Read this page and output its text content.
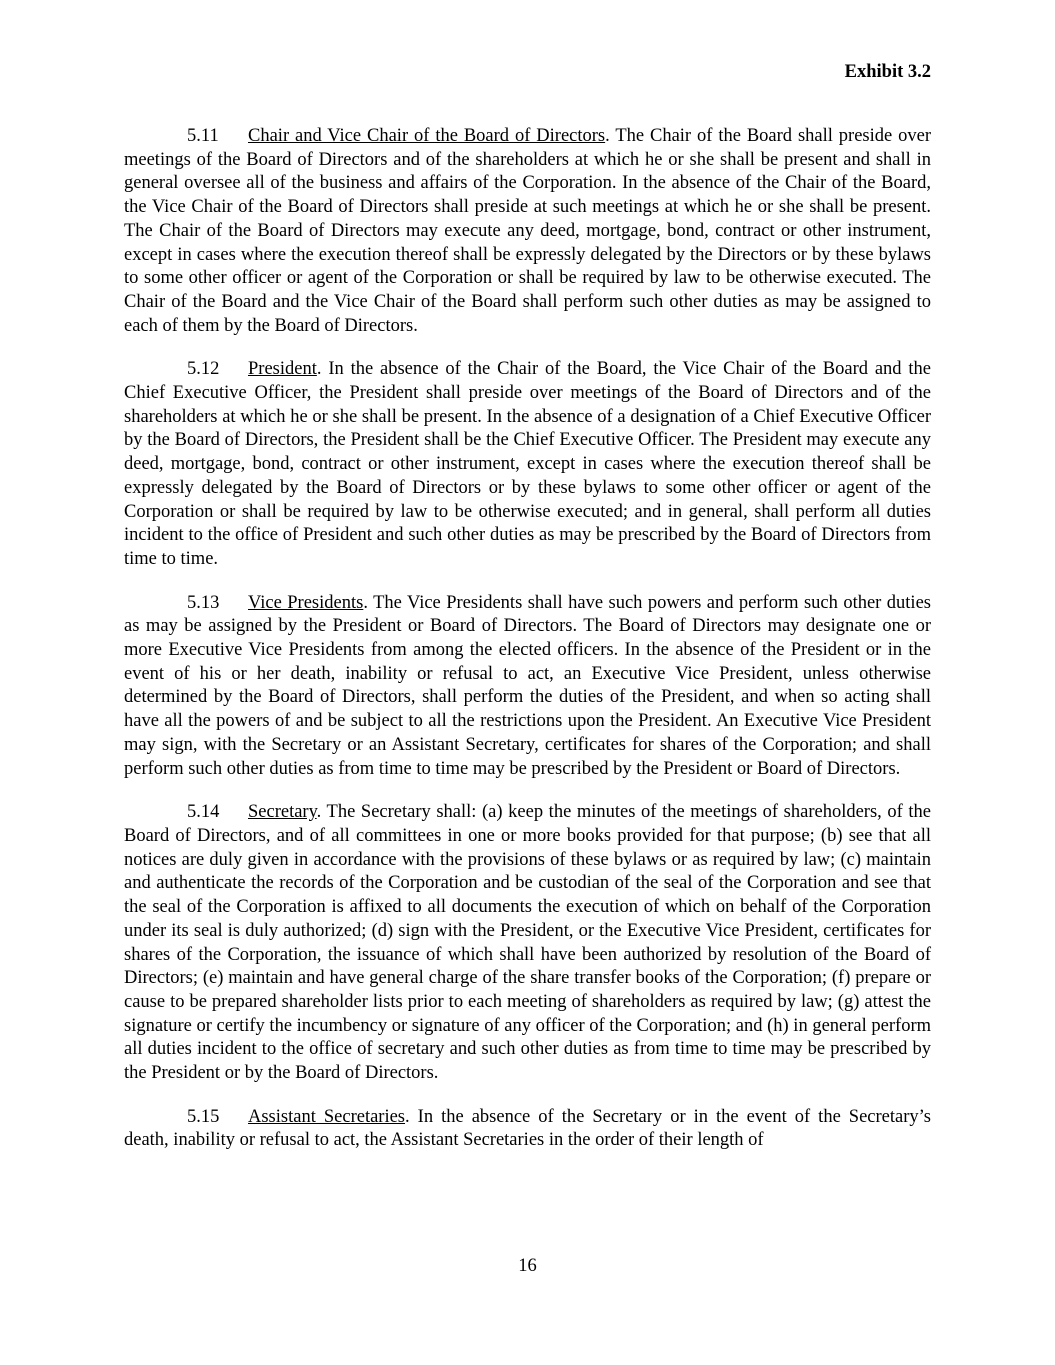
Exhibit 3.2

5.11 Chair and Vice Chair of the Board of Directors. The Chair of the Board shall preside over meetings of the Board of Directors and of the shareholders at which he or she shall be present and shall in general oversee all of the business and affairs of the Corporation. In the absence of the Chair of the Board, the Vice Chair of the Board of Directors shall preside at such meetings at which he or she shall be present. The Chair of the Board of Directors may execute any deed, mortgage, bond, contract or other instrument, except in cases where the execution thereof shall be expressly delegated by the Directors or by these bylaws to some other officer or agent of the Corporation or shall be required by law to be otherwise executed. The Chair of the Board and the Vice Chair of the Board shall perform such other duties as may be assigned to each of them by the Board of Directors.

5.12 President. In the absence of the Chair of the Board, the Vice Chair of the Board and the Chief Executive Officer, the President shall preside over meetings of the Board of Directors and of the shareholders at which he or she shall be present. In the absence of a designation of a Chief Executive Officer by the Board of Directors, the President shall be the Chief Executive Officer. The President may execute any deed, mortgage, bond, contract or other instrument, except in cases where the execution thereof shall be expressly delegated by the Board of Directors or by these bylaws to some other officer or agent of the Corporation or shall be required by law to be otherwise executed; and in general, shall perform all duties incident to the office of President and such other duties as may be prescribed by the Board of Directors from time to time.

5.13 Vice Presidents. The Vice Presidents shall have such powers and perform such other duties as may be assigned by the President or Board of Directors. The Board of Directors may designate one or more Executive Vice Presidents from among the elected officers. In the absence of the President or in the event of his or her death, inability or refusal to act, an Executive Vice President, unless otherwise determined by the Board of Directors, shall perform the duties of the President, and when so acting shall have all the powers of and be subject to all the restrictions upon the President. An Executive Vice President may sign, with the Secretary or an Assistant Secretary, certificates for shares of the Corporation; and shall perform such other duties as from time to time may be prescribed by the President or Board of Directors.

5.14 Secretary. The Secretary shall: (a) keep the minutes of the meetings of shareholders, of the Board of Directors, and of all committees in one or more books provided for that purpose; (b) see that all notices are duly given in accordance with the provisions of these bylaws or as required by law; (c) maintain and authenticate the records of the Corporation and be custodian of the seal of the Corporation and see that the seal of the Corporation is affixed to all documents the execution of which on behalf of the Corporation under its seal is duly authorized; (d) sign with the President, or the Executive Vice President, certificates for shares of the Corporation, the issuance of which shall have been authorized by resolution of the Board of Directors; (e) maintain and have general charge of the share transfer books of the Corporation; (f) prepare or cause to be prepared shareholder lists prior to each meeting of shareholders as required by law; (g) attest the signature or certify the incumbency or signature of any officer of the Corporation; and (h) in general perform all duties incident to the office of secretary and such other duties as from time to time may be prescribed by the President or by the Board of Directors.

5.15 Assistant Secretaries. In the absence of the Secretary or in the event of the Secretary’s death, inability or refusal to act, the Assistant Secretaries in the order of their length of

16
